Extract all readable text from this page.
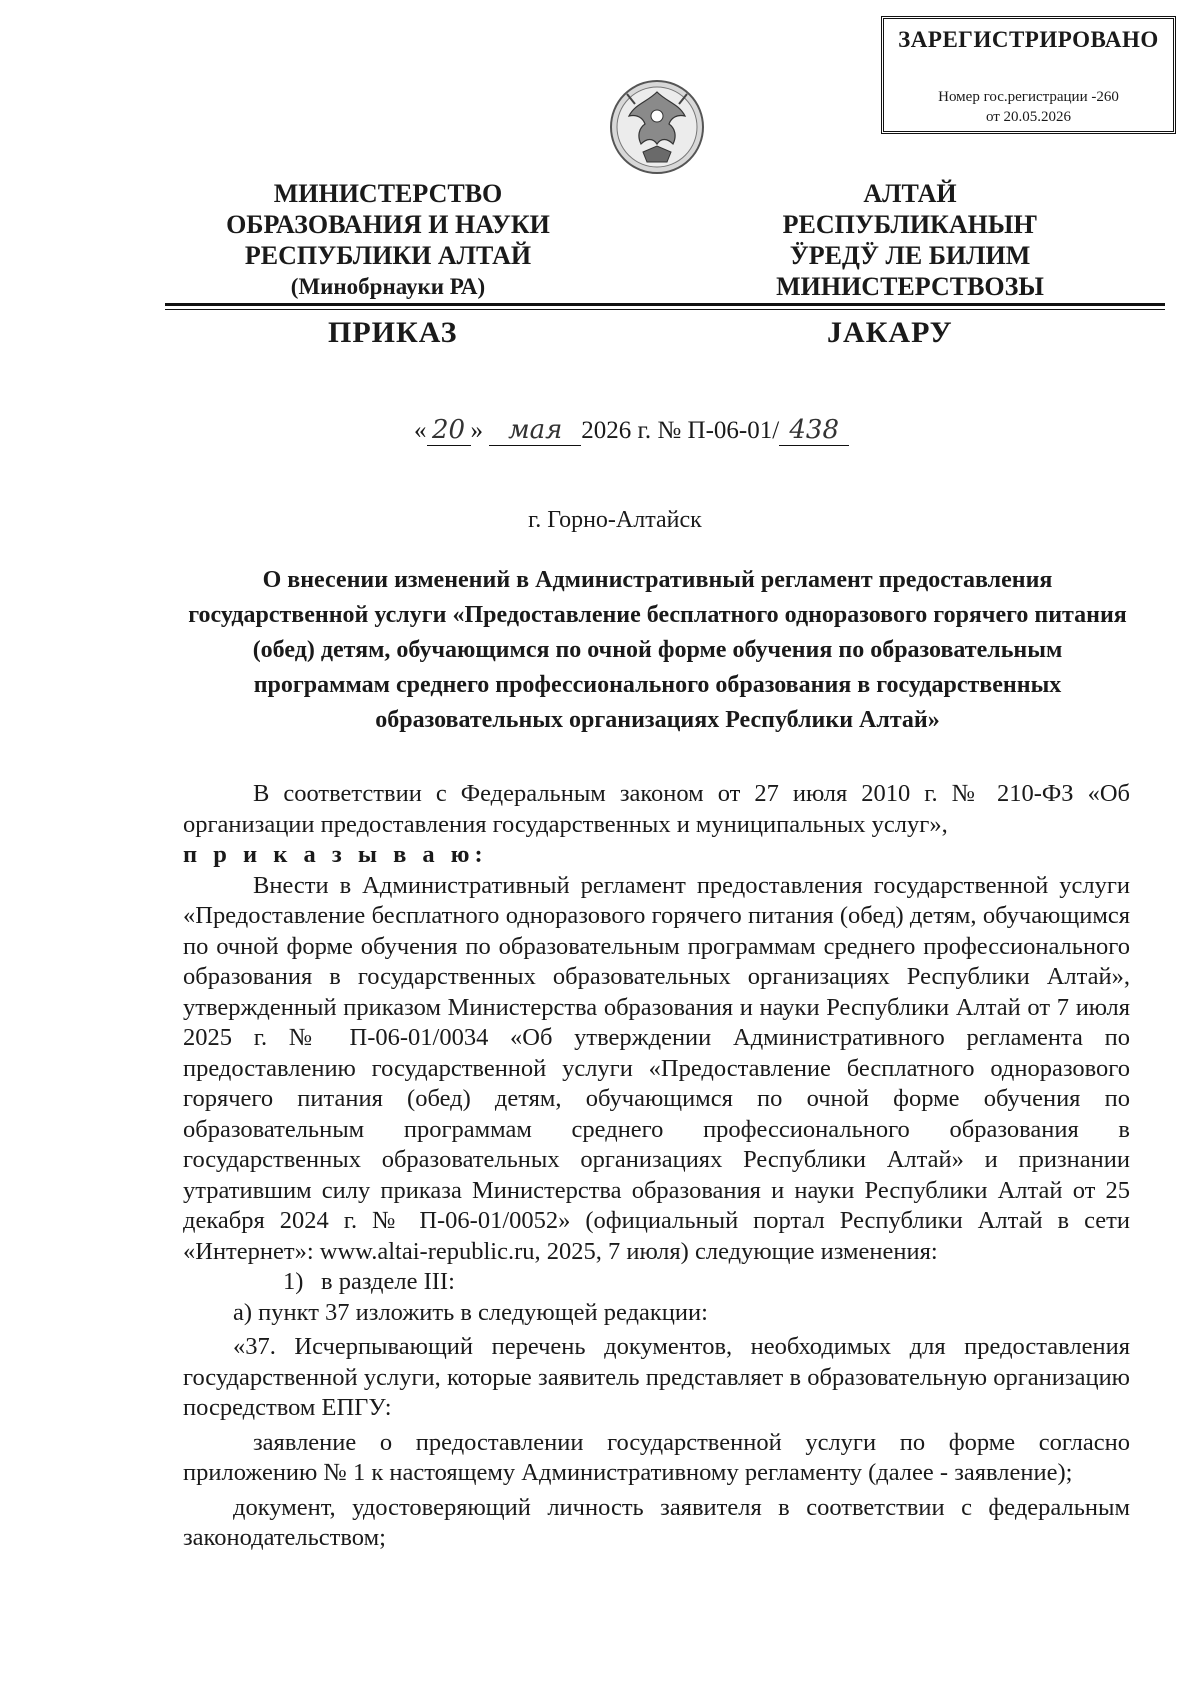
ЗАРЕГИСТРИРОВАНО
Номер гос.регистрации -260
от 20.05.2026
МИНИСТЕРСТВО
ОБРАЗОВАНИЯ И НАУКИ
РЕСПУБЛИКИ АЛТАЙ
(Минобрнауки РА)
АЛТАЙ РЕСПУБЛИКАНЫҤ
ӰРЕДӰ ЛЕ БИЛИМ
МИНИСТЕРСТВОЗЫ
ПРИКАЗ	JАКАРУ
« 20 » мая 2026 г. № П-06-01/ 438
г. Горно-Алтайск
О внесении изменений в Административный регламент предоставления государственной услуги «Предоставление бесплатного одноразового горячего питания (обед) детям, обучающимся по очной форме обучения по образовательным программам среднего профессионального образования в государственных образовательных организациях Республики Алтай»

В соответствии с Федеральным законом от 27 июля 2010 г. № 210-ФЗ «Об организации предоставления государственных и муниципальных услуг»,

п р и к а з ы в а ю:

Внести в Административный регламент предоставления государственной услуги «Предоставление бесплатного одноразового горячего питания (обед) детям, обучающимся по очной форме обучения по образовательным программам среднего профессионального образования в государственных образовательных организациях Республики Алтай», утвержденный приказом Министерства образования и науки Республики Алтай от 7 июля 2025 г. № П-06-01/0034 «Об утверждении Административного регламента по предоставлению государственной услуги «Предоставление бесплатного одноразового горячего питания (обед) детям, обучающимся по очной форме обучения по образовательным программам среднего профессионального образования в государственных образовательных организациях Республики Алтай» и признании утратившим силу приказа Министерства образования и науки Республики Алтай от 25 декабря 2024 г. № П-06-01/0052» (официальный портал Республики Алтай в сети «Интернет»: www.altai-republic.ru, 2025, 7 июля) следующие изменения:

1) в разделе III:

а) пункт 37 изложить в следующей редакции:

«37. Исчерпывающий перечень документов, необходимых для предоставления государственной услуги, которые заявитель представляет в образовательную организацию посредством ЕПГУ:

заявление о предоставлении государственной услуги по форме согласно приложению № 1 к настоящему Административному регламенту (далее - заявление);

документ, удостоверяющий личность заявителя в соответствии с федеральным законодательством;
